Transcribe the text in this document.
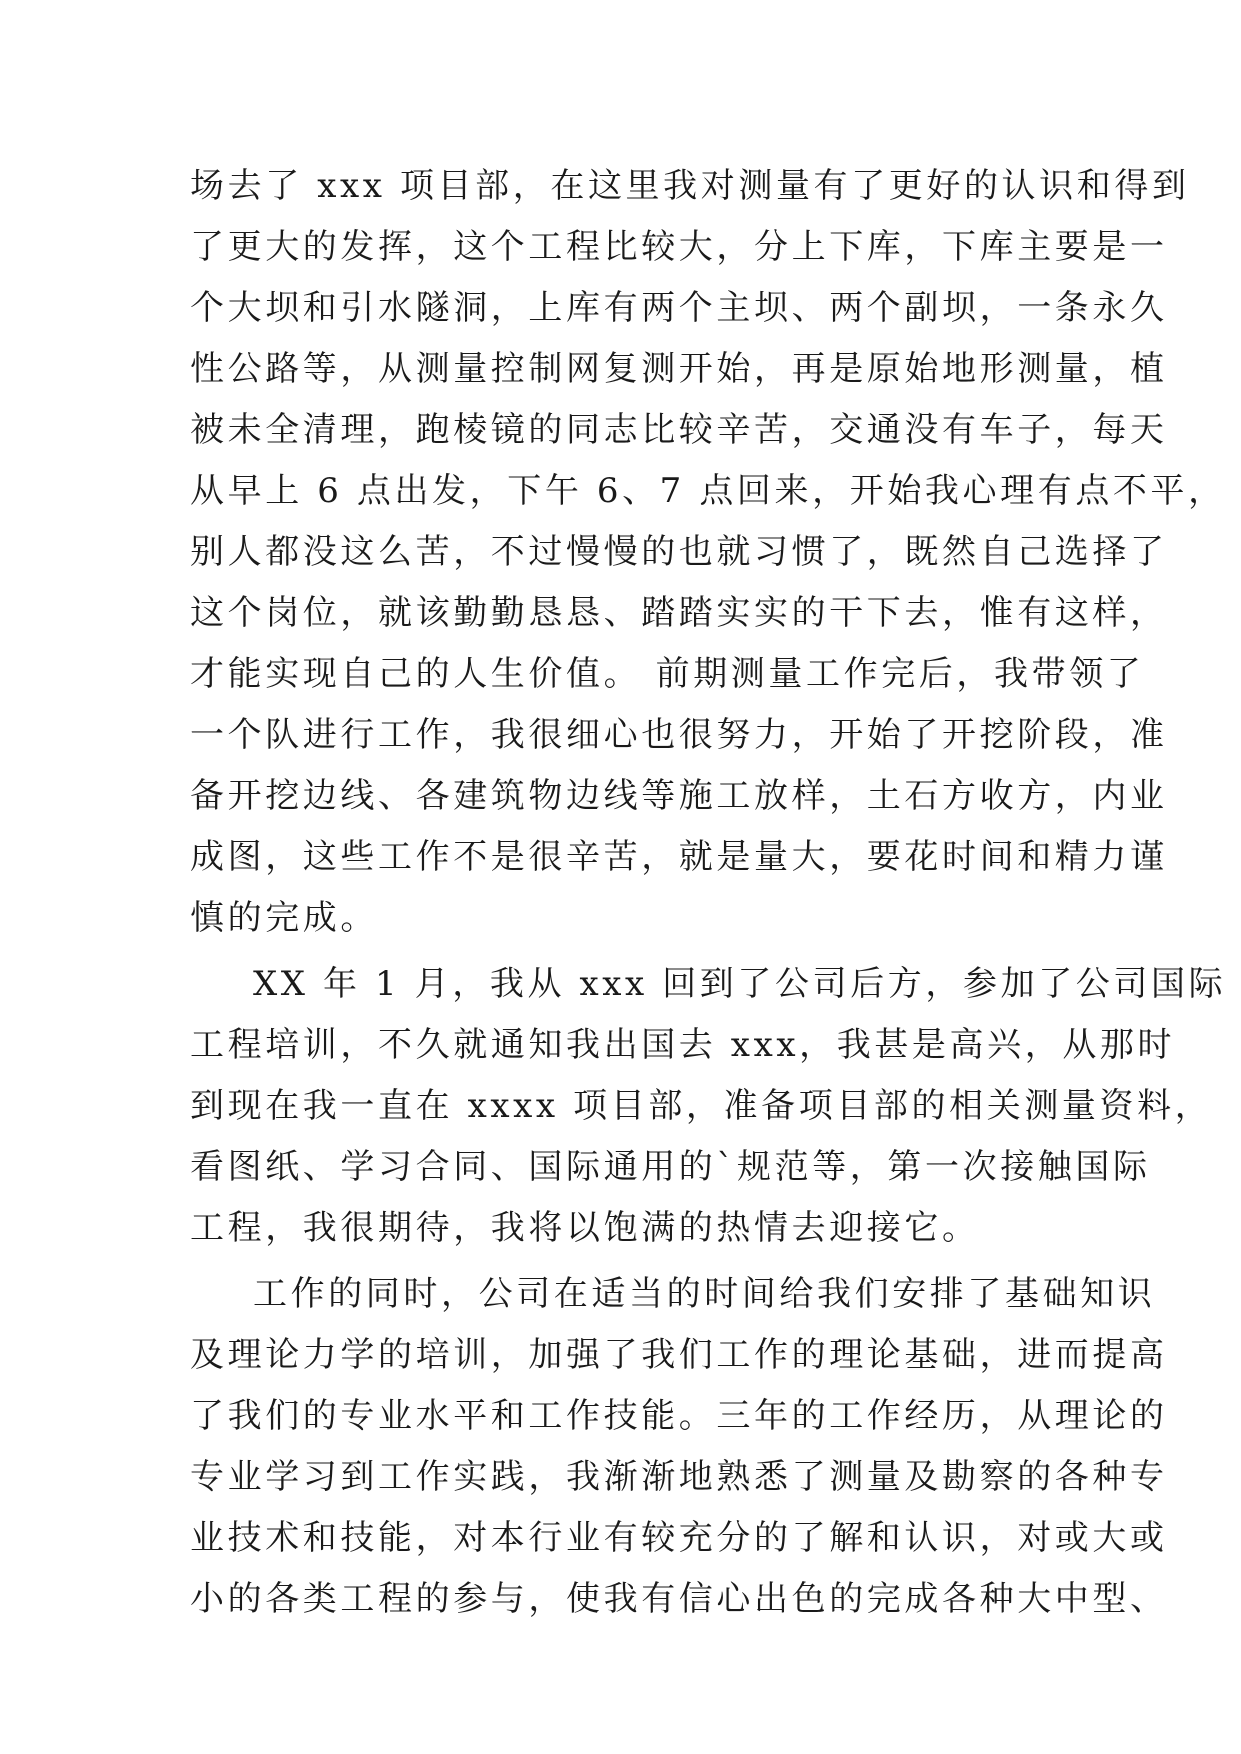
场去了 xxx 项目部，在这里我对测量有了更好的认识和得到
了更大的发挥，这个工程比较大，分上下库，下库主要是一
个大坝和引水隧洞，上库有两个主坝、两个副坝，一条永久
性公路等，从测量控制网复测开始，再是原始地形测量，植
被未全清理，跑棱镜的同志比较辛苦，交通没有车子，每天
从早上 6 点出发，下午 6、7 点回来，开始我心理有点不平，
别人都没这么苦，不过慢慢的也就习惯了，既然自己选择了
这个岗位，就该勤勤恳恳、踏踏实实的干下去，惟有这样，
才能实现自己的人生价值。 前期测量工作完后，我带领了
一个队进行工作，我很细心也很努力，开始了开挖阶段，准
备开挖边线、各建筑物边线等施工放样，土石方收方，内业
成图，这些工作不是很辛苦，就是量大，要花时间和精力谨
慎的完成。
XX 年 1 月，我从 xxx 回到了公司后方，参加了公司国际
工程培训，不久就通知我出国去 xxx，我甚是高兴，从那时
到现在我一直在 xxxx 项目部，准备项目部的相关测量资料，
看图纸、学习合同、国际通用的`规范等，第一次接触国际
工程，我很期待，我将以饱满的热情去迎接它。
工作的同时，公司在适当的时间给我们安排了基础知识
及理论力学的培训，加强了我们工作的理论基础，进而提高
了我们的专业水平和工作技能。三年的工作经历，从理论的
专业学习到工作实践，我渐渐地熟悉了测量及勘察的各种专
业技术和技能，对本行业有较充分的了解和认识，对或大或
小的各类工程的参与，使我有信心出色的完成各种大中型、
